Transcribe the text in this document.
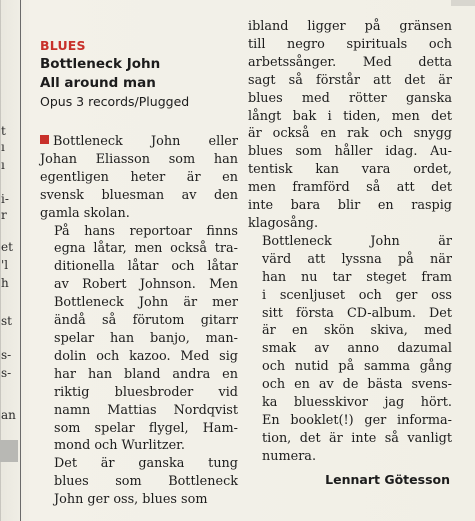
t
ı
ı
i-
r
et
'l
h
st
s-
s-
an
BLUES
Bottleneck John
All around man
Opus 3 records/Plugged

Bottleneck John eller
Johan Eliasson som han
egentligen heter är en
svensk bluesman av den
gamla skolan.

På hans reportoar finns
egna låtar, men också tra-
ditionella låtar och låtar
av Robert Johnson. Men
Bottleneck John är mer
ändå så förutom gitarr
spelar han banjo, man-
dolin och kazoo. Med sig
har han bland andra en
riktig bluesbroder vid
namn Mattias Nordqvist
som spelar flygel, Ham-
mond och Wurlitzer.

Det är ganska tung
blues som Bottleneck
John ger oss, blues som

ibland ligger på gränsen
till negro spirituals och
arbetssånger. Med detta
sagt så förstår att det är
blues med rötter ganska
långt bak i tiden, men det
är också en rak och snygg
blues som håller idag. Au-
tentisk kan vara ordet,
men framförd så att det
inte bara blir en raspig
klagosång.

Bottleneck John är
värd att lyssna på när
han nu tar steget fram
i scenljuset och ger oss
sitt första CD-album. Det
är en skön skiva, med
smak av anno dazumal
och nutid på samma gång
och en av de bästa svens-
ka bluesskivor jag hört.
En booklet(!) ger informa-
tion, det är inte så vanligt
numera.

Lennart Götesson
